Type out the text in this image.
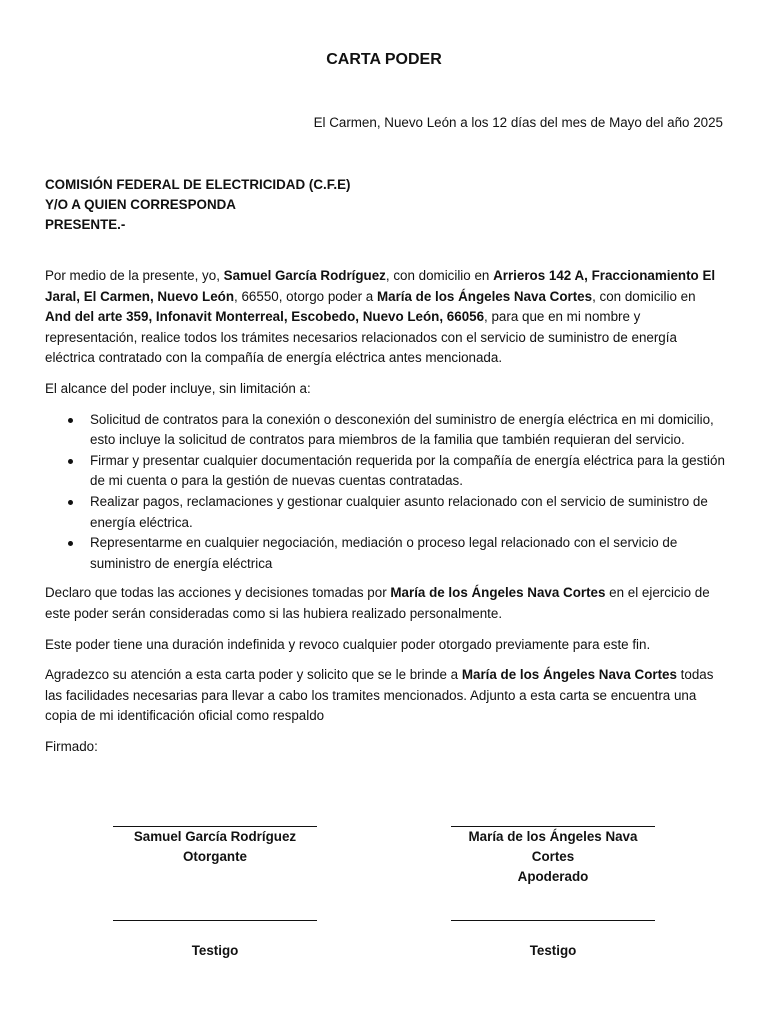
CARTA PODER
El Carmen, Nuevo León a los 12 días del mes de Mayo del año 2025
COMISIÓN FEDERAL DE ELECTRICIDAD (C.F.E)
Y/O A QUIEN CORRESPONDA
PRESENTE.-

Por medio de la presente, yo, Samuel García Rodríguez, con domicilio en Arrieros 142 A, Fraccionamiento El Jaral, El Carmen, Nuevo León, 66550, otorgo poder a María de los Ángeles Nava Cortes, con domicilio en And del arte 359, Infonavit Monterreal, Escobedo, Nuevo León, 66056, para que en mi nombre y representación, realice todos los trámites necesarios relacionados con el servicio de suministro de energía eléctrica contratado con la compañía de energía eléctrica antes mencionada.

El alcance del poder incluye, sin limitación a:

Solicitud de contratos para la conexión o desconexión del suministro de energía eléctrica en mi domicilio, esto incluye la solicitud de contratos para miembros de la familia que también requieran del servicio.
Firmar y presentar cualquier documentación requerida por la compañía de energía eléctrica para la gestión de mi cuenta o para la gestión de nuevas cuentas contratadas.
Realizar pagos, reclamaciones y gestionar cualquier asunto relacionado con el servicio de suministro de energía eléctrica.
Representarme en cualquier negociación, mediación o proceso legal relacionado con el servicio de suministro de energía eléctrica

Declaro que todas las acciones y decisiones tomadas por María de los Ángeles Nava Cortes en el ejercicio de este poder serán consideradas como si las hubiera realizado personalmente.

Este poder tiene una duración indefinida y revoco cualquier poder otorgado previamente para este fin.

Agradezco su atención a esta carta poder y solicito que se le brinde a María de los Ángeles Nava Cortes todas las facilidades necesarias para llevar a cabo los tramites mencionados. Adjunto a esta carta se encuentra una copia de mi identificación oficial como respaldo

Firmado:

Samuel García Rodríguez
Otorgante
María de los Ángeles Nava Cortes
Apoderado
Testigo	Testigo
